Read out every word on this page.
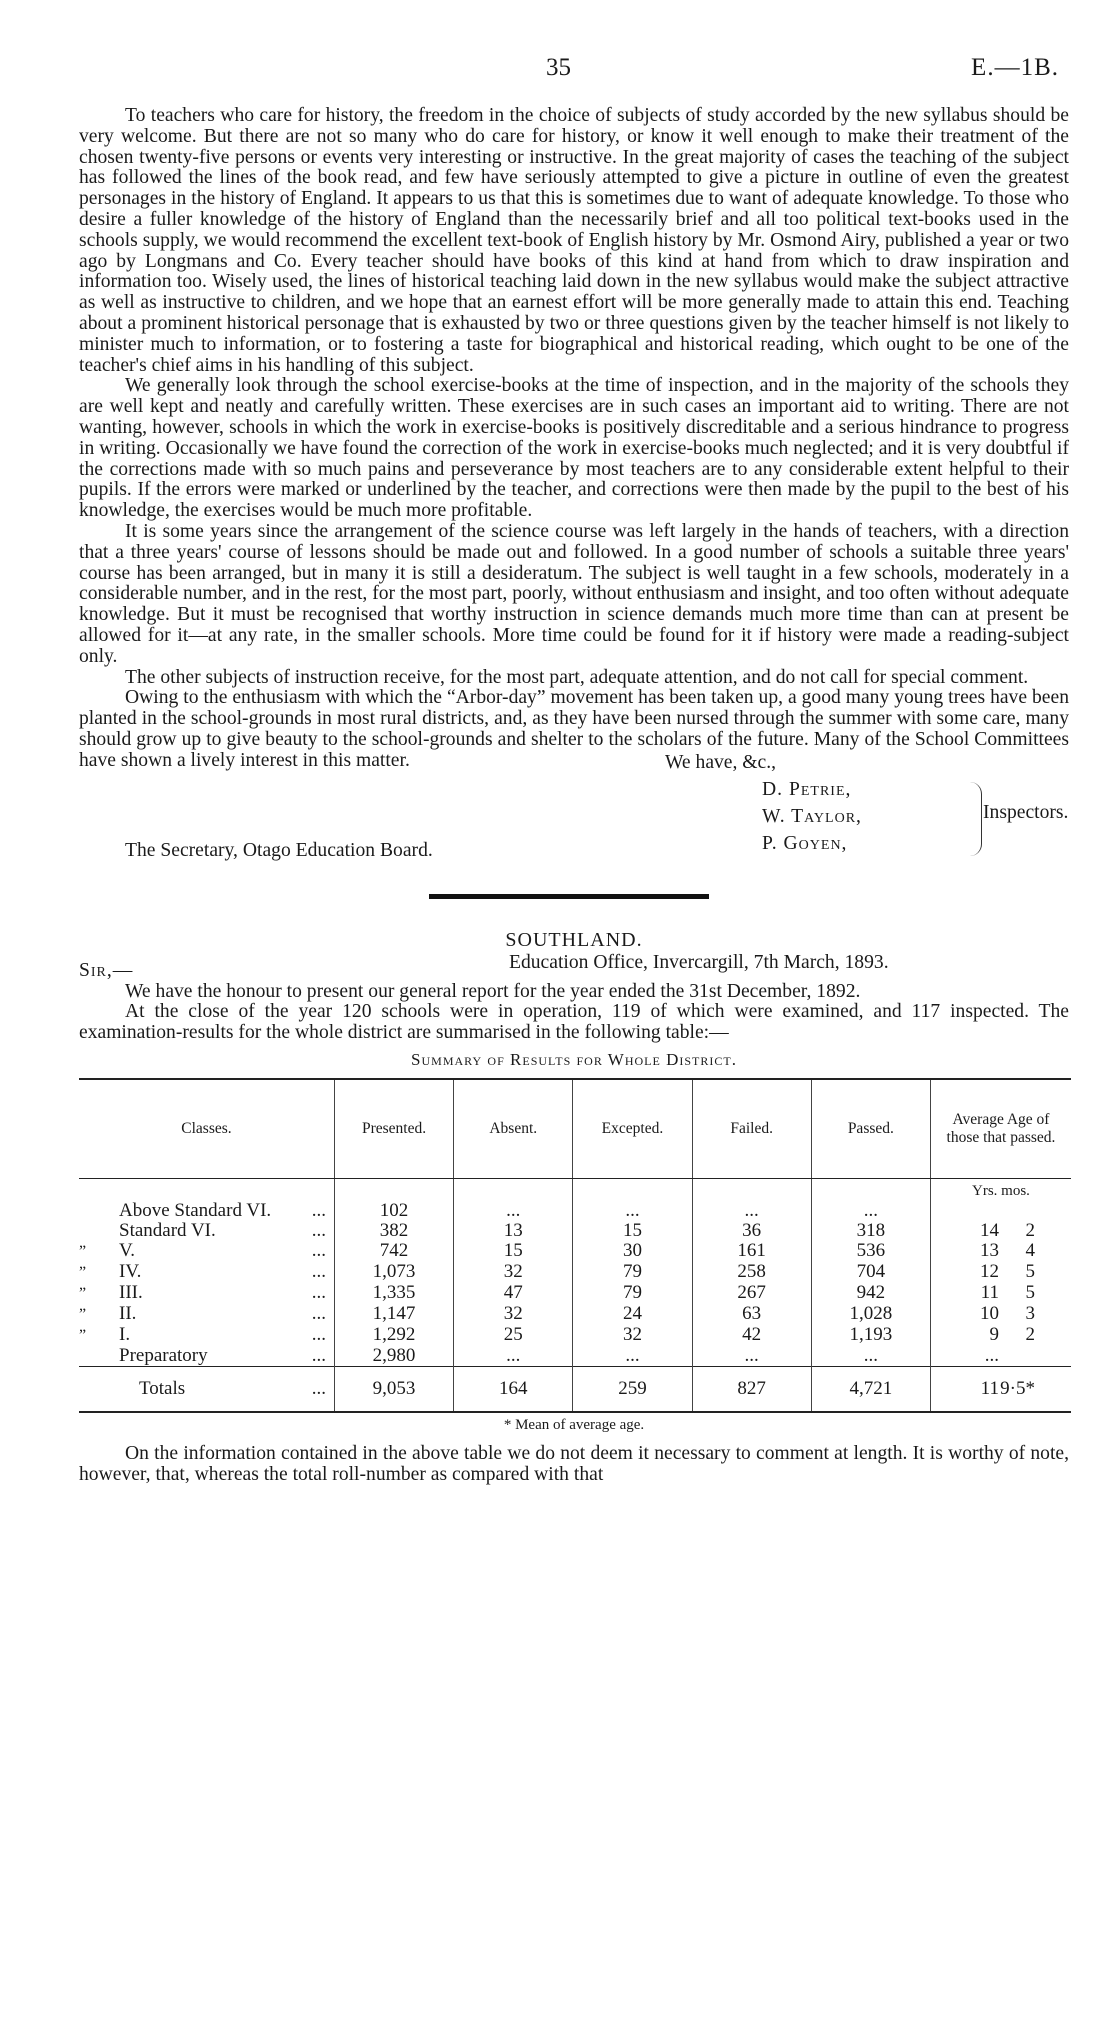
35	E.—1B.

To teachers who care for history, the freedom in the choice of subjects of study accorded by the new syllabus should be very welcome. But there are not so many who do care for history, or know it well enough to make their treatment of the chosen twenty-five persons or events very interesting or instructive. In the great majority of cases the teaching of the subject has followed the lines of the book read, and few have seriously attempted to give a picture in outline of even the greatest personages in the history of England. It appears to us that this is sometimes due to want of adequate knowledge. To those who desire a fuller knowledge of the history of England than the necessarily brief and all too political text-books used in the schools supply, we would recommend the excellent text-book of English history by Mr. Osmond Airy, published a year or two ago by Longmans and Co. Every teacher should have books of this kind at hand from which to draw inspiration and information too. Wisely used, the lines of historical teaching laid down in the new syllabus would make the subject attractive as well as instructive to children, and we hope that an earnest effort will be more generally made to attain this end. Teaching about a prominent historical personage that is exhausted by two or three questions given by the teacher himself is not likely to minister much to information, or to fostering a taste for biographical and historical reading, which ought to be one of the teacher's chief aims in his handling of this subject.

We generally look through the school exercise-books at the time of inspection, and in the majority of the schools they are well kept and neatly and carefully written. These exercises are in such cases an important aid to writing. There are not wanting, however, schools in which the work in exercise-books is positively discreditable and a serious hindrance to progress in writing. Occasionally we have found the correction of the work in exercise-books much neglected; and it is very doubtful if the corrections made with so much pains and perseverance by most teachers are to any considerable extent helpful to their pupils. If the errors were marked or underlined by the teacher, and corrections were then made by the pupil to the best of his knowledge, the exercises would be much more profitable.

It is some years since the arrangement of the science course was left largely in the hands of teachers, with a direction that a three years' course of lessons should be made out and followed. In a good number of schools a suitable three years' course has been arranged, but in many it is still a desideratum. The subject is well taught in a few schools, moderately in a considerable number, and in the rest, for the most part, poorly, without enthusiasm and insight, and too often without adequate knowledge. But it must be recognised that worthy instruction in science demands much more time than can at present be allowed for it—at any rate, in the smaller schools. More time could be found for it if history were made a reading-subject only.

The other subjects of instruction receive, for the most part, adequate attention, and do not call for special comment.

Owing to the enthusiasm with which the “Arbor-day” movement has been taken up, a good many young trees have been planted in the school-grounds in most rural districts, and, as they have been nursed through the summer with some care, many should grow up to give beauty to the school-grounds and shelter to the scholars of the future. Many of the School Committees have shown a lively interest in this matter.	We have, &c.,
D. Petrie,
W. Taylor,
P. Goyen,
Inspectors.
The Secretary, Otago Education Board.
SOUTHLAND.
Sir,—	Education Office, Invercargill, 7th March, 1893.

We have the honour to present our general report for the year ended the 31st December, 1892.

At the close of the year 120 schools were in operation, 119 of which were examined, and 117 inspected. The examination-results for the whole district are summarised in the following table:—

Summary of Results for Whole District.
Classes.	Presented.	Absent.	Excepted.	Failed.	Passed.	Average Age of those that passed.
						Yrs. mos.

Above Standard VI. ...	102	...	...	...	...	

Standard VI. ...	382	13	15	36	318	14 2

” V. ...	742	15	30	161	536	13 4

” IV. ...	1,073	32	79	258	704	12 5

” III. ...	1,335	47	79	267	942	11 5

” II. ...	1,147	32	24	63	1,028	10 3

” I. ...	1,292	25	32	42	1,193	9 2

Preparatory ...	2,980	...	...	...	...	...

Totals ...	9,053	164	259	827	4,721	119·5*
* Mean of average age.

On the information contained in the above table we do not deem it necessary to comment at length. It is worthy of note, however, that, whereas the total roll-number as compared with that
